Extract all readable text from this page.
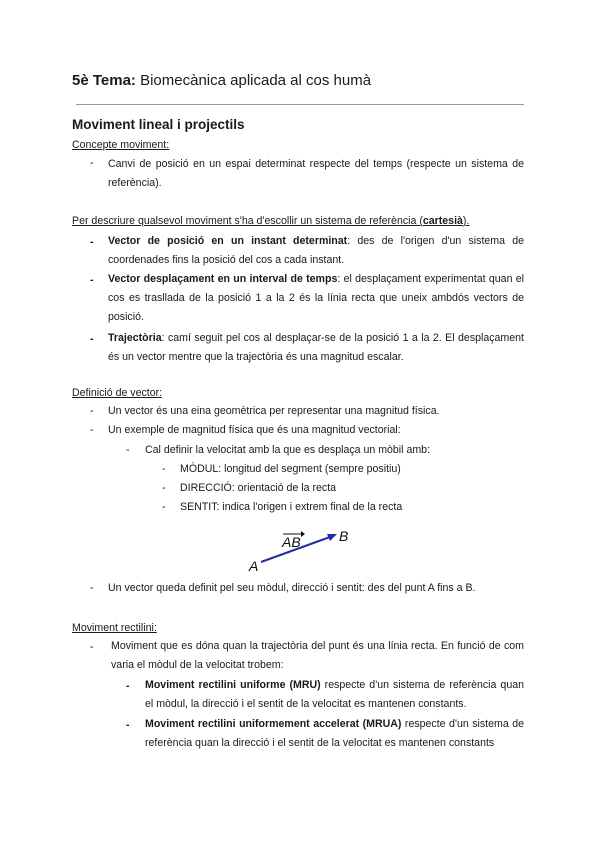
5è Tema: Biomecànica aplicada al cos humà
Moviment lineal i projectils
Concepte moviment:
- Canvi de posició en un espai determinat respecte del temps (respecte un sistema de referència).
Per descriure qualsevol moviment s'ha d'escollir un sistema de referència (cartesià).
- Vector de posició en un instant determinat: des de l'origen d'un sistema de coordenades fins la posició del cos a cada instant.
- Vector desplaçament en un interval de temps: el desplaçament experimentat quan el cos es trasllada de la posició 1 a la 2 és la línia recta que uneix ambdós vectors de posició.
- Trajectòria: camí seguit pel cos al desplaçar-se de la posició 1 a la 2. El desplaçament és un vector mentre que la trajectòria és una magnitud escalar.
Definició de vector:
- Un vector és una eina geomètrica per representar una magnitud física.
- Un exemple de magnitud física que és una magnitud vectorial:
- Cal definir la velocitat amb la que es desplaça un mòbil amb:
- MÒDUL: longitud del segment (sempre positiu)
- DIRECCIÓ: orientació de la recta
- SENTIT: indica l'origen i extrem final de la recta
AB	B
A
- Un vector queda definit pel seu mòdul, direcció i sentit: des del punt A fins a B.
Moviment rectilini:
- Moviment que es dóna quan la trajectòria del punt és una línia recta. En funció de com varia el mòdul de la velocitat trobem:
- Moviment rectilini uniforme (MRU) respecte d'un sistema de referència quan el mòdul, la direcció i el sentit de la velocitat es mantenen constants.
- Moviment rectilini uniformement accelerat (MRUA) respecte d'un sistema de referència quan la direcció i el sentit de la velocitat es mantenen constants
